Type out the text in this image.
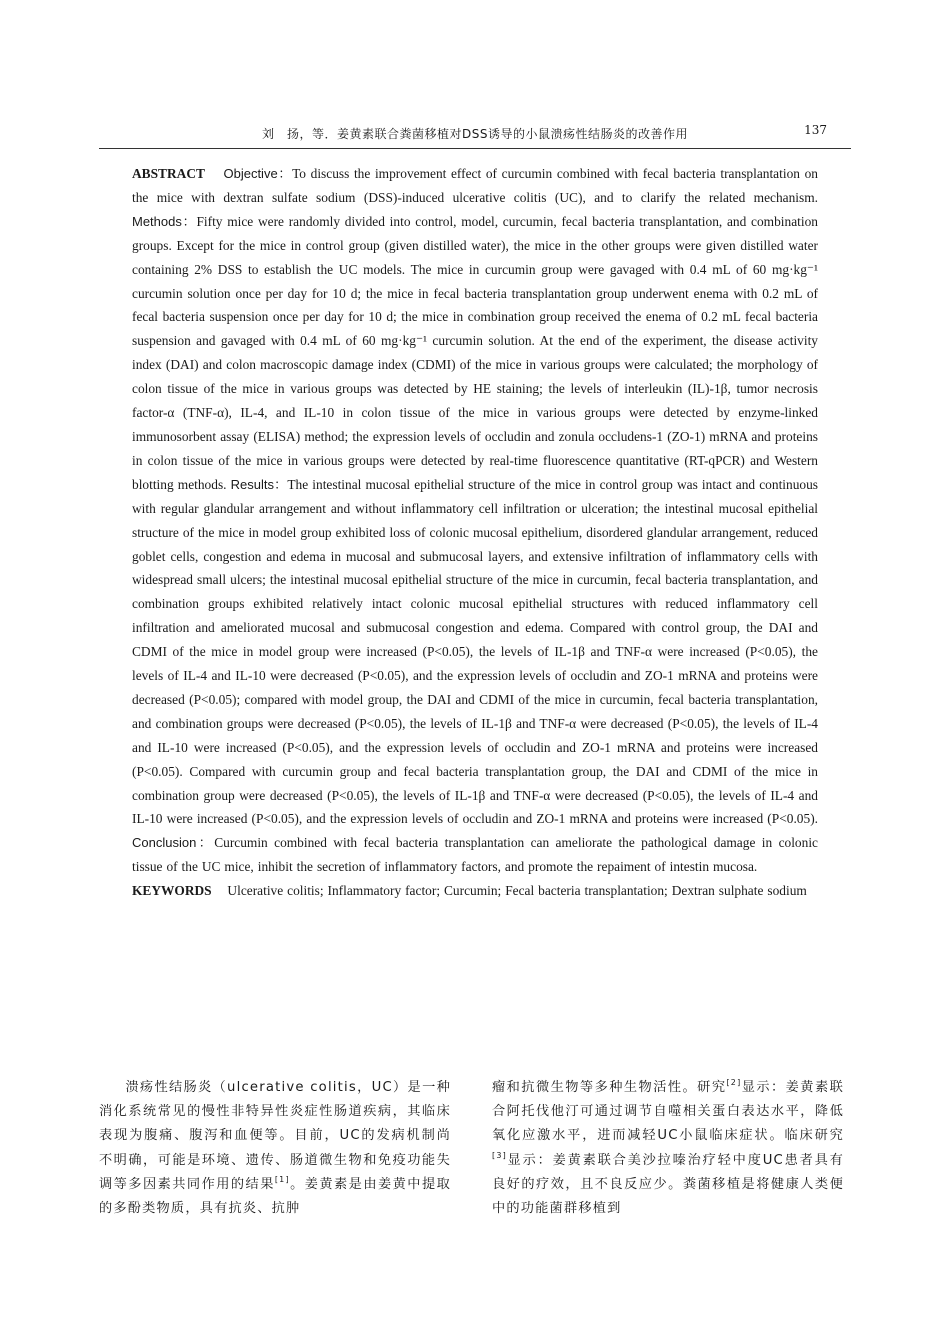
刘　扬，等．姜黄素联合粪菌移植对DSS诱导的小鼠溃疡性结肠炎的改善作用	137

ABSTRACT Objective：To discuss the improvement effect of curcumin combined with fecal bacteria transplantation on the mice with dextran sulfate sodium (DSS)-induced ulcerative colitis (UC), and to clarify the related mechanism. Methods：Fifty mice were randomly divided into control, model, curcumin, fecal bacteria transplantation, and combination groups. Except for the mice in control group (given distilled water), the mice in the other groups were given distilled water containing 2% DSS to establish the UC models. The mice in curcumin group were gavaged with 0.4 mL of 60 mg·kg⁻¹ curcumin solution once per day for 10 d; the mice in fecal bacteria transplantation group underwent enema with 0.2 mL of fecal bacteria suspension once per day for 10 d; the mice in combination group received the enema of 0.2 mL fecal bacteria suspension and gavaged with 0.4 mL of 60 mg·kg⁻¹ curcumin solution. At the end of the experiment, the disease activity index (DAI) and colon macroscopic damage index (CDMI) of the mice in various groups were calculated; the morphology of colon tissue of the mice in various groups was detected by HE staining; the levels of interleukin (IL)-1β, tumor necrosis factor-α (TNF-α), IL-4, and IL-10 in colon tissue of the mice in various groups were detected by enzyme-linked immunosorbent assay (ELISA) method; the expression levels of occludin and zonula occludens-1 (ZO-1) mRNA and proteins in colon tissue of the mice in various groups were detected by real-time fluorescence quantitative (RT-qPCR) and Western blotting methods. Results：The intestinal mucosal epithelial structure of the mice in control group was intact and continuous with regular glandular arrangement and without inflammatory cell infiltration or ulceration; the intestinal mucosal epithelial structure of the mice in model group exhibited loss of colonic mucosal epithelium, disordered glandular arrangement, reduced goblet cells, congestion and edema in mucosal and submucosal layers, and extensive infiltration of inflammatory cells with widespread small ulcers; the intestinal mucosal epithelial structure of the mice in curcumin, fecal bacteria transplantation, and combination groups exhibited relatively intact colonic mucosal epithelial structures with reduced inflammatory cell infiltration and ameliorated mucosal and submucosal congestion and edema. Compared with control group, the DAI and CDMI of the mice in model group were increased (P<0.05), the levels of IL-1β and TNF-α were increased (P<0.05), the levels of IL-4 and IL-10 were decreased (P<0.05), and the expression levels of occludin and ZO-1 mRNA and proteins were decreased (P<0.05); compared with model group, the DAI and CDMI of the mice in curcumin, fecal bacteria transplantation, and combination groups were decreased (P<0.05), the levels of IL-1β and TNF-α were decreased (P<0.05), the levels of IL-4 and IL-10 were increased (P<0.05), and the expression levels of occludin and ZO-1 mRNA and proteins were increased (P<0.05). Compared with curcumin group and fecal bacteria transplantation group, the DAI and CDMI of the mice in combination group were decreased (P<0.05), the levels of IL-1β and TNF-α were decreased (P<0.05), the levels of IL-4 and IL-10 were increased (P<0.05), and the expression levels of occludin and ZO-1 mRNA and proteins were increased (P<0.05). Conclusion：Curcumin combined with fecal bacteria transplantation can ameliorate the pathological damage in colonic tissue of the UC mice, inhibit the secretion of inflammatory factors, and promote the repaiment of intestin mucosa.

KEYWORDS Ulcerative colitis; Inflammatory factor; Curcumin; Fecal bacteria transplantation; Dextran sulphate sodium

溃疡性结肠炎（ulcerative colitis，UC）是一种消化系统常见的慢性非特异性炎症性肠道疾病，其临床表现为腹痛、腹泻和血便等。目前，UC的发病机制尚不明确，可能是环境、遗传、肠道微生物和免疫功能失调等多因素共同作用的结果[1]。姜黄素是由姜黄中提取的多酚类物质，具有抗炎、抗肿

瘤和抗微生物等多种生物活性。研究[2]显示：姜黄素联合阿托伐他汀可通过调节自噬相关蛋白表达水平，降低氧化应激水平，进而减轻UC小鼠临床症状。临床研究[3]显示：姜黄素联合美沙拉嗪治疗轻中度UC患者具有良好的疗效，且不良反应少。粪菌移植是将健康人类便中的功能菌群移植到
